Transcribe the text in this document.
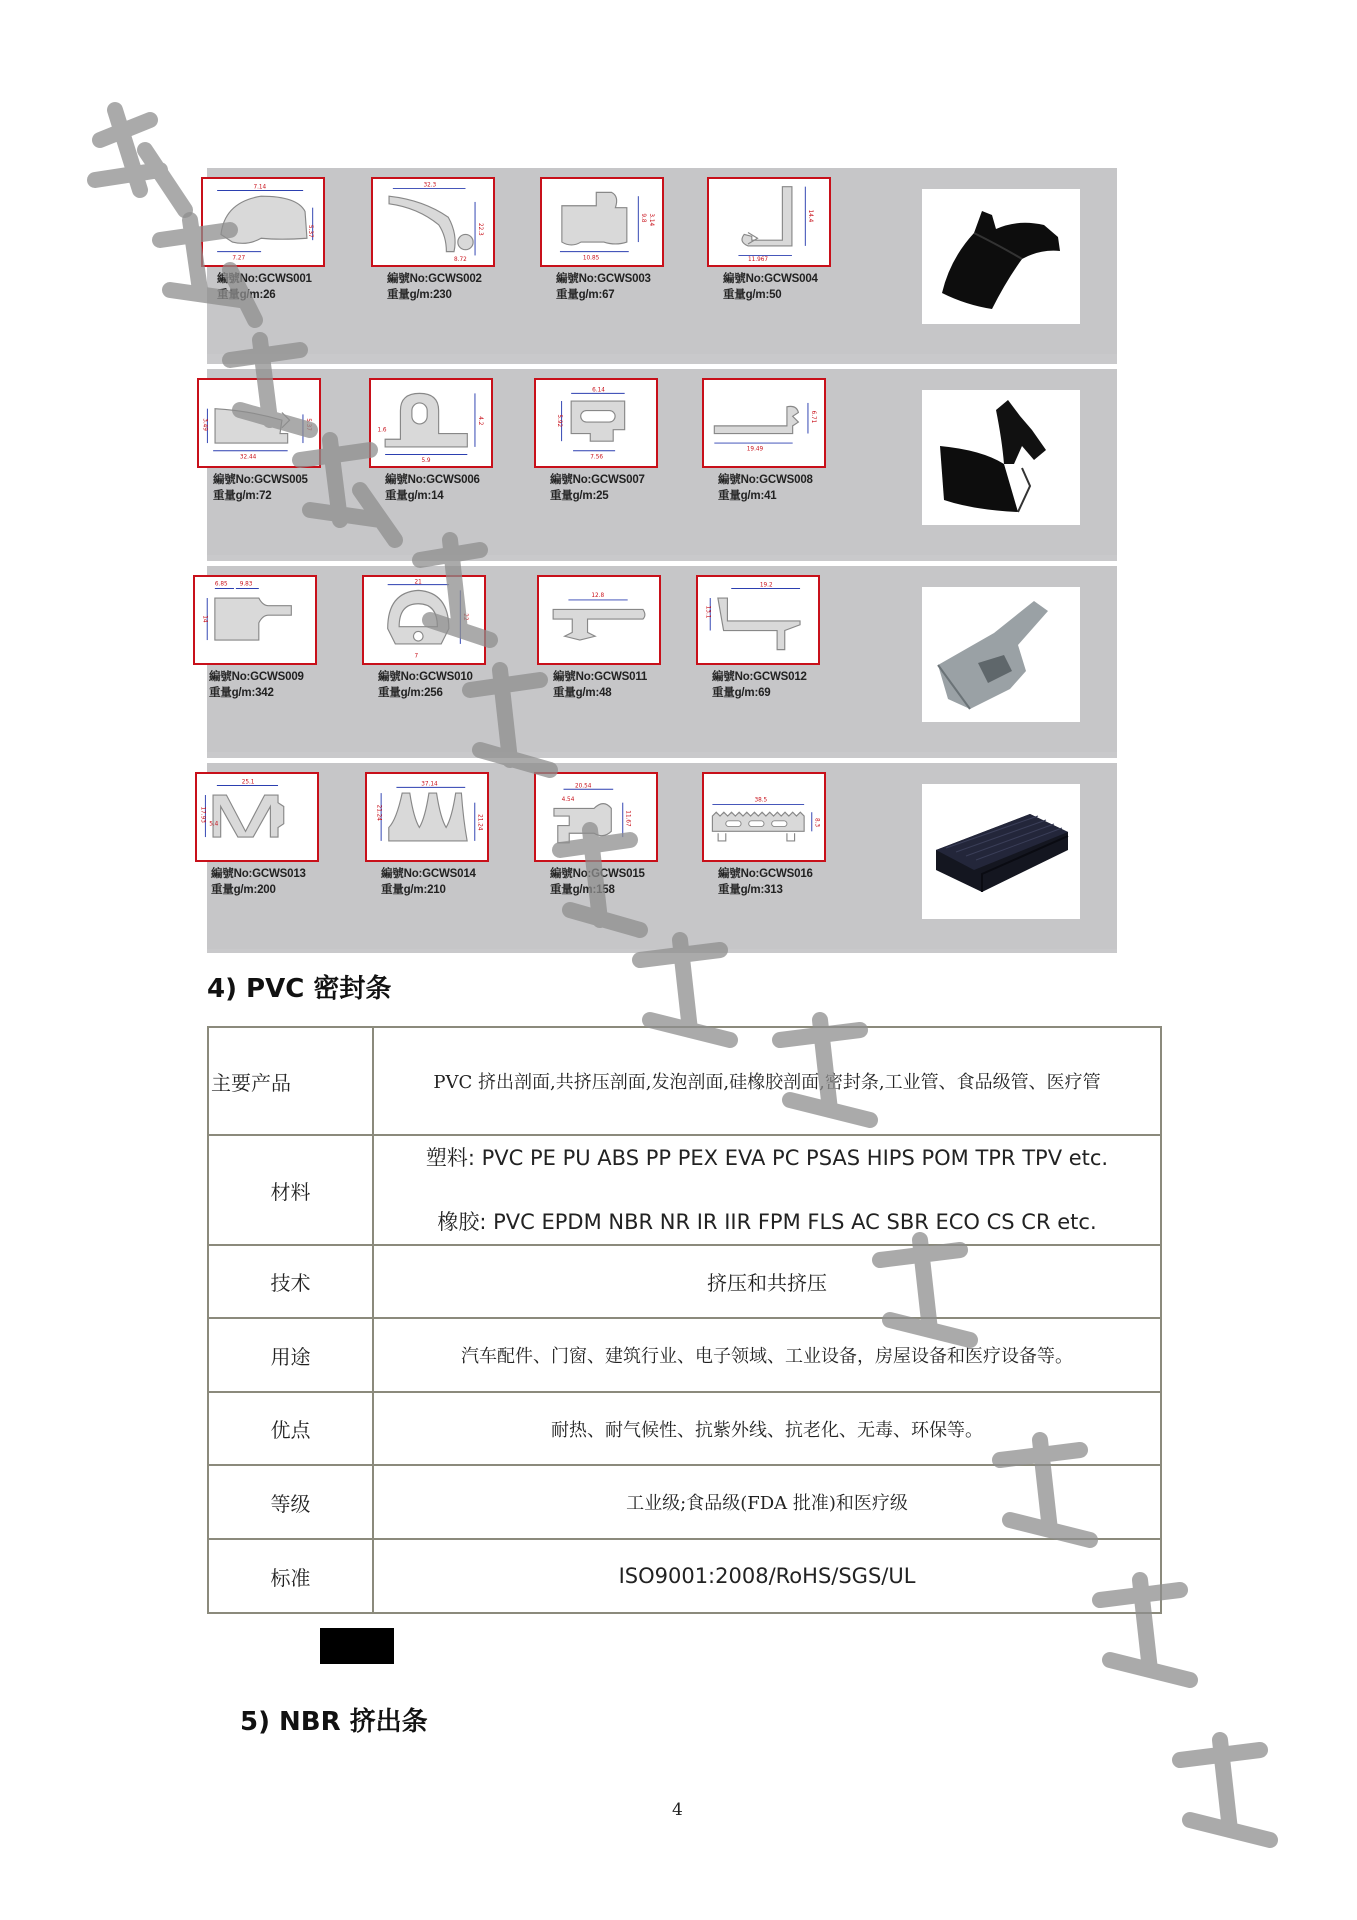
7.14
7.27
5.37
編號No:GCWS001
重量g/m:26
32.3
22.3
8.72
編號No:GCWS002
重量g/m:230
10.85
9.8 3.14
編號No:GCWS003
重量g/m:67
11.967
14.4
編號No:GCWS004
重量g/m:50
32.44
3.49	5.37
編號No:GCWS005
重量g/m:72
5.9
4.2
1.6
編號No:GCWS006
重量g/m:14
6.14
7.56
5.92
編號No:GCWS007
重量g/m:25
19.49
6.71
編號No:GCWS008
重量g/m:41
6.85 9.83
14
編號No:GCWS009
重量g/m:342
21
22
7
編號No:GCWS010
重量g/m:256
12.8
編號No:GCWS011
重量g/m:48
19.2
13.1
編號No:GCWS012
重量g/m:69
25.1
17.93
5.4
編號No:GCWS013
重量g/m:200
37.14
21.24
21.24
編號No:GCWS014
重量g/m:210
20.54
4.54
11.67
編號No:GCWS015
重量g/m:158
38.5
8.3
編號No:GCWS016
重量g/m:313
4) PVC 密封条
主要产品	PVC 挤出剖面,共挤压剖面,发泡剖面,硅橡胶剖面,密封条,工业管、食品级管、医疗管
材料	塑料: PVC PE PU ABS PP PEX EVA PC PSAS HIPS POM TPR TPV etc.
橡胶: PVC EPDM NBR NR IR IIR FPM FLS AC SBR ECO CS CR etc.

技术	挤压和共挤压
用途	汽车配件、门窗、建筑行业、电子领域、工业设备，房屋设备和医疗设备等。
优点	耐热、耐气候性、抗紫外线、抗老化、无毒、环保等。
等级	工业级;食品级(FDA 批准)和医疗级
标准	ISO9001:2008/RoHS/SGS/UL
5) NBR 挤出条
4
